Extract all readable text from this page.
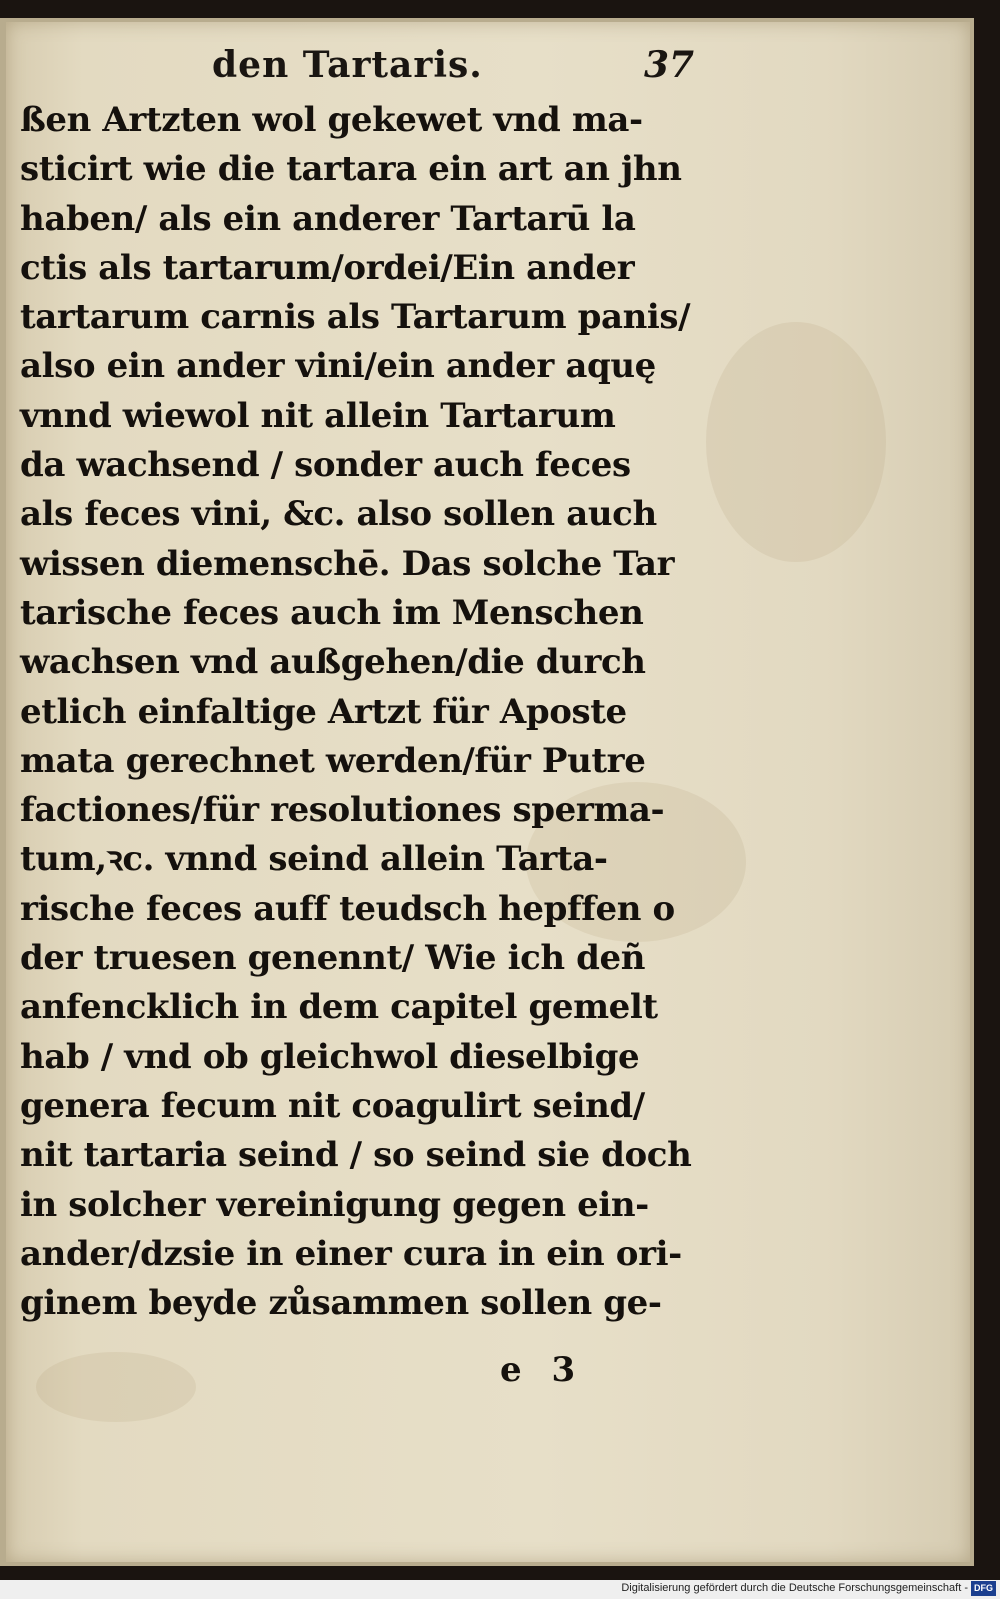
den Tartaris.	37
ßen Artzten wol gekewet vnd ma-
sticirt wie die tartara ein art an jhn
haben/ als ein anderer Tartarū la
ctis als tartarum/ordei/Ein ander
tartarum carnis als Tartarum panis/
also ein ander vini/ein ander aquę
vnnd wiewol nit allein Tartarum
da wachsend / sonder auch feces
als feces vini, &c. also sollen auch
wissen diemenschē. Das solche Tar
tarische feces auch im Menschen
wachsen vnd außgehen/die durch
etlich einfaltige Artzt für Aposte
mata gerechnet werden/für Putre
factiones/für resolutiones sperma-
tum,ꝛc. vnnd seind allein Tarta-
rische feces auff teudsch hepffen o
der truesen genennt/ Wie ich deñ
anfencklich in dem capitel gemelt
hab / vnd ob gleichwol dieselbige
genera fecum nit coagulirt seind/
nit tartaria seind / so seind sie doch
in solcher vereinigung gegen ein-
ander/dzsie in einer cura in ein ori-
ginem beyde zůsammen sollen ge-
e 3
Digitalisierung gefördert durch die Deutsche Forschungsgemeinschaft - DFG
